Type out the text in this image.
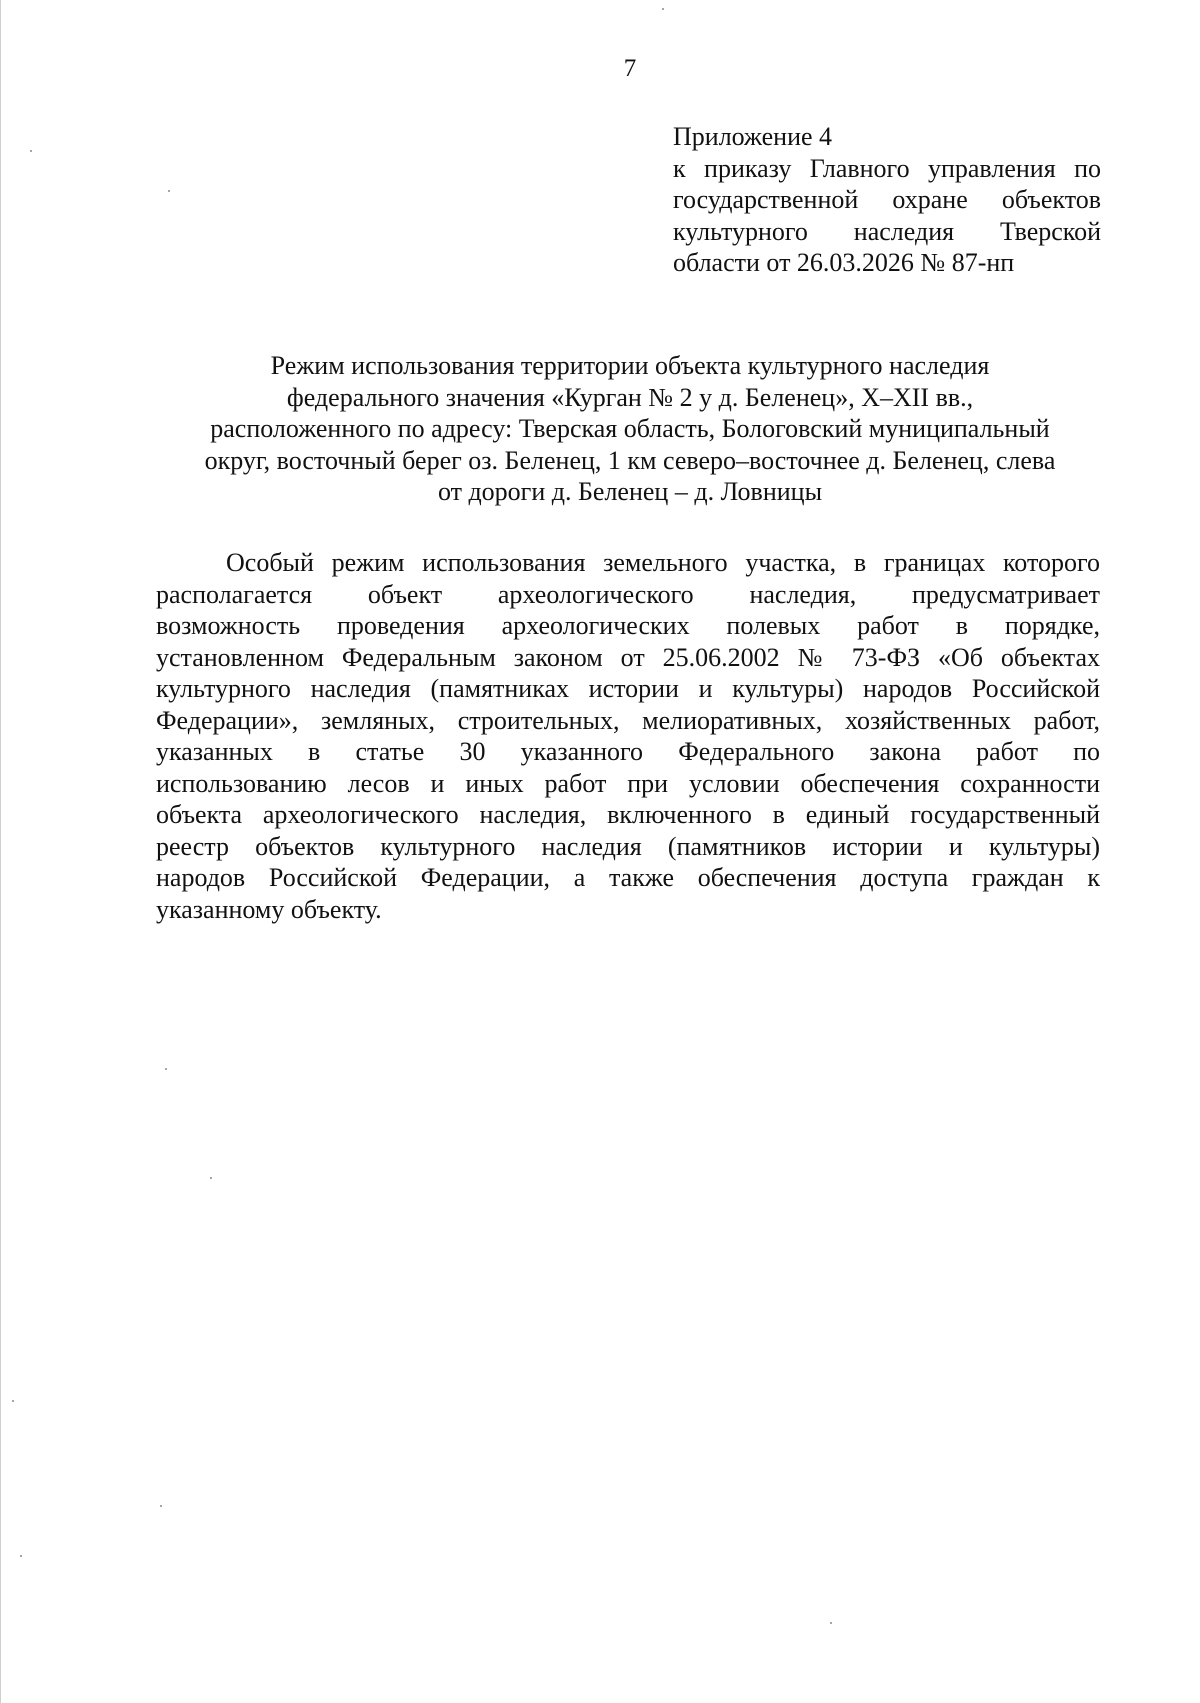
7
Приложение 4
к приказу Главного управления по
государственной охране объектов
культурного наследия Тверской
области от 26.03.2026 № 87-нп
Режим использования территории объекта культурного наследия
федерального значения «Курган № 2 у д. Беленец», X–XII вв.,
расположенного по адресу: Тверская область, Бологовский муниципальный
округ, восточный берег оз. Беленец, 1 км северо–восточнее д. Беленец, слева
от дороги д. Беленец – д. Ловницы
Особый режим использования земельного участка, в границах которого
располагается объект археологического наследия, предусматривает
возможность проведения археологических полевых работ в порядке,
установленном Федеральным законом от 25.06.2002 № 73-ФЗ «Об объектах
культурного наследия (памятниках истории и культуры) народов Российской
Федерации», земляных, строительных, мелиоративных, хозяйственных работ,
указанных в статье 30 указанного Федерального закона работ по
использованию лесов и иных работ при условии обеспечения сохранности
объекта археологического наследия, включенного в единый государственный
реестр объектов культурного наследия (памятников истории и культуры)
народов Российской Федерации, а также обеспечения доступа граждан к
указанному объекту.
